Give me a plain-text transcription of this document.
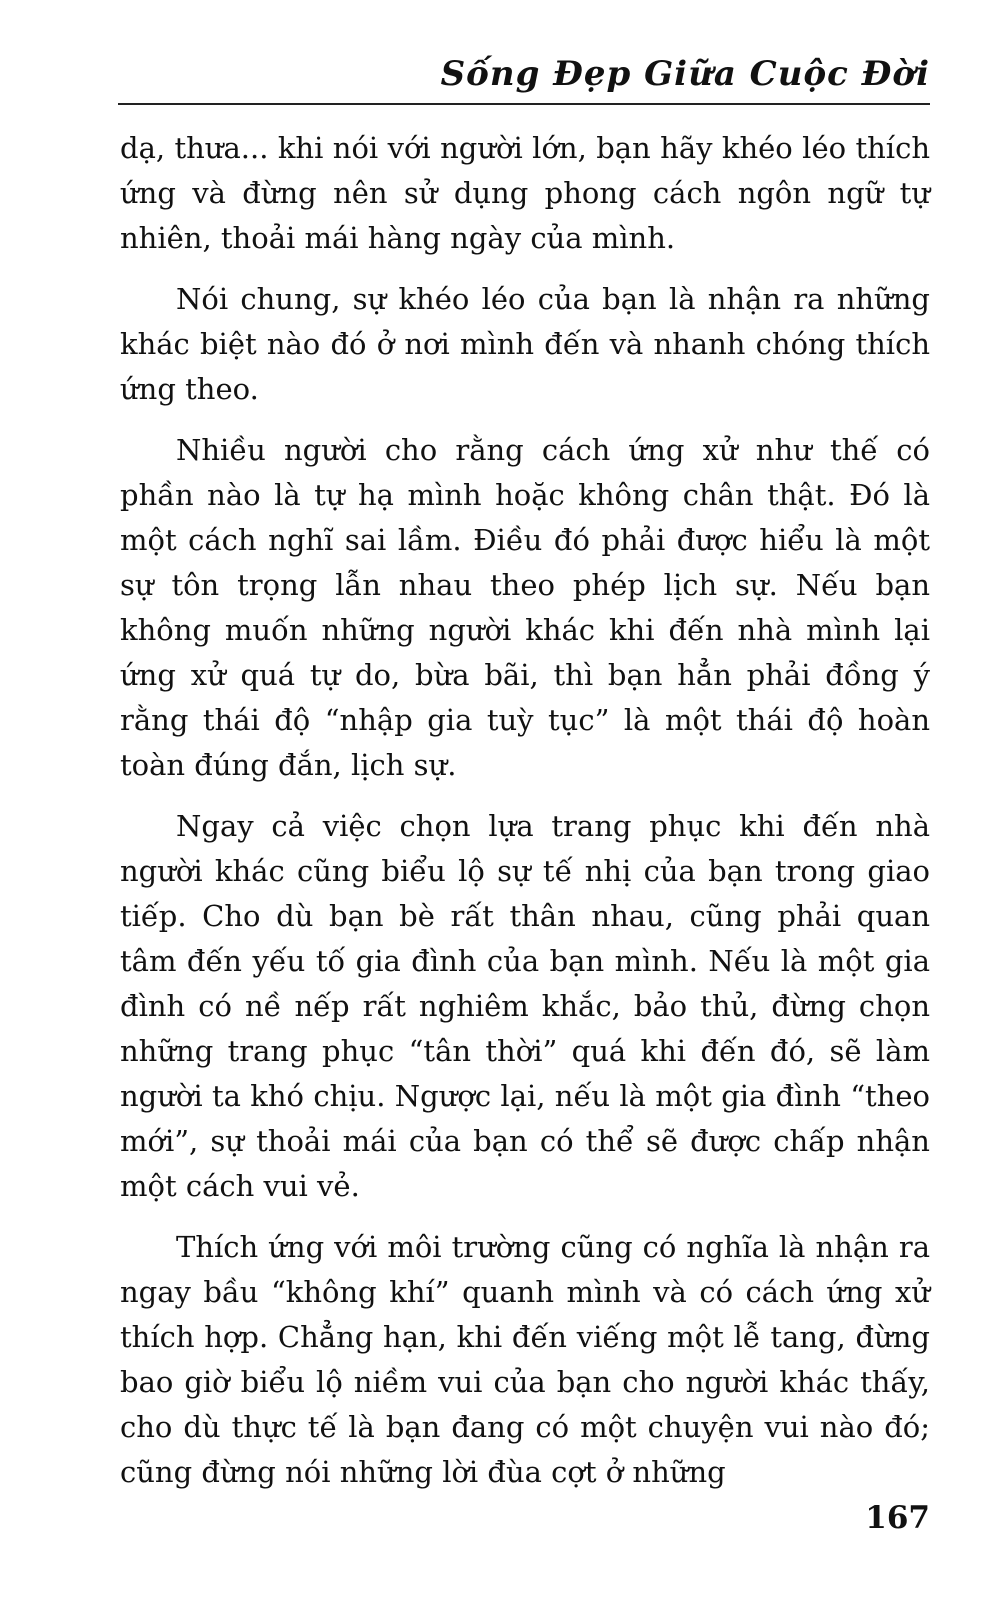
Sống Đẹp Giữa Cuộc Đời

dạ, thưa... khi nói với người lớn, bạn hãy khéo léo thích ứng và đừng nên sử dụng phong cách ngôn ngữ tự nhiên, thoải mái hàng ngày của mình.

Nói chung, sự khéo léo của bạn là nhận ra những khác biệt nào đó ở nơi mình đến và nhanh chóng thích ứng theo.

Nhiều người cho rằng cách ứng xử như thế có phần nào là tự hạ mình hoặc không chân thật. Đó là một cách nghĩ sai lầm. Điều đó phải được hiểu là một sự tôn trọng lẫn nhau theo phép lịch sự. Nếu bạn không muốn những người khác khi đến nhà mình lại ứng xử quá tự do, bừa bãi, thì bạn hẳn phải đồng ý rằng thái độ “nhập gia tuỳ tục” là một thái độ hoàn toàn đúng đắn, lịch sự.

Ngay cả việc chọn lựa trang phục khi đến nhà người khác cũng biểu lộ sự tế nhị của bạn trong giao tiếp. Cho dù bạn bè rất thân nhau, cũng phải quan tâm đến yếu tố gia đình của bạn mình. Nếu là một gia đình có nề nếp rất nghiêm khắc, bảo thủ, đừng chọn những trang phục “tân thời” quá khi đến đó, sẽ làm người ta khó chịu. Ngược lại, nếu là một gia đình “theo mới”, sự thoải mái của bạn có thể sẽ được chấp nhận một cách vui vẻ.

Thích ứng với môi trường cũng có nghĩa là nhận ra ngay bầu “không khí” quanh mình và có cách ứng xử thích hợp. Chẳng hạn, khi đến viếng một lễ tang, đừng bao giờ biểu lộ niềm vui của bạn cho người khác thấy, cho dù thực tế là bạn đang có một chuyện vui nào đó; cũng đừng nói những lời đùa cợt ở những

167
